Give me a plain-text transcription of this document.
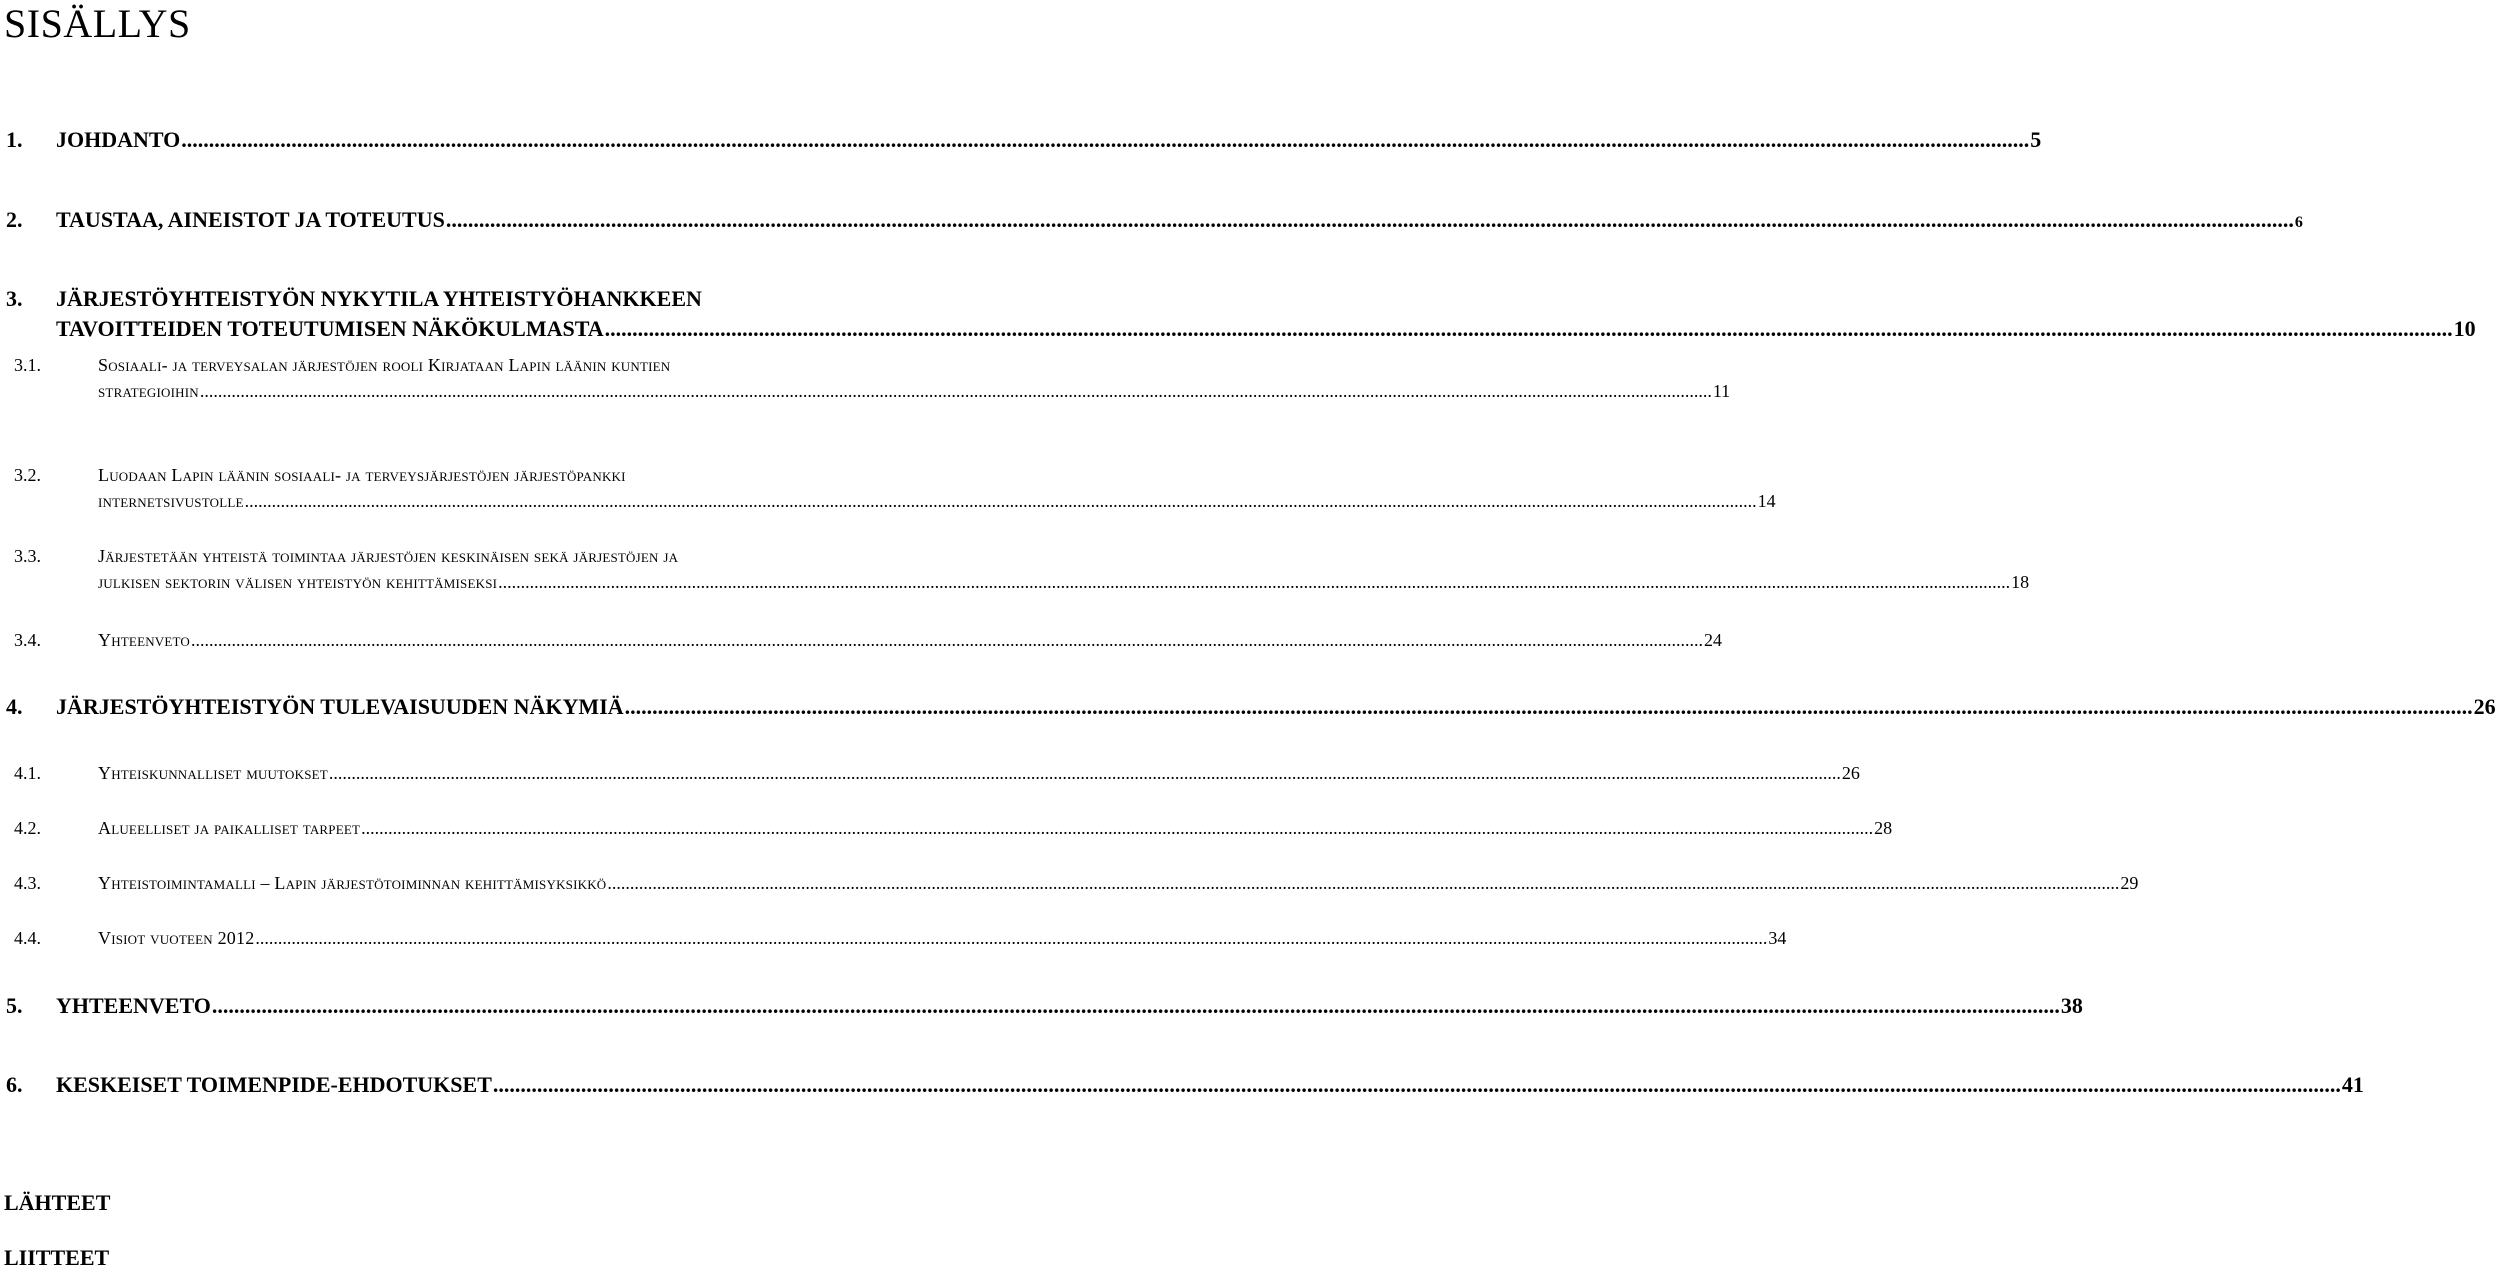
SISÄLLYS
1.	JOHDANTO .....	5
2.	TAUSTAA, AINEISTOT JA TOTEUTUS .....	6
3.	JÄRJESTÖYHTEISTYÖN NYKYTILA YHTEISTYÖHANKKEEN
TAVOITTEIDEN TOTEUTUMISEN NÄKÖKULMASTA .....	10
3.1.	Sosiaali- ja terveysalan järjestöjen rooli Kirjataan Lapin läänin kuntien
strategioihin .....	11
3.2.	Luodaan Lapin läänin sosiaali- ja terveysjärjestöjen järjestöpankki
internetsivustolle .....	14
3.3.	Järjestetään yhteistä toimintaa järjestöjen keskinäisen sekä järjestöjen ja
julkisen sektorin välisen yhteistyön kehittämiseksi .....	18
3.4.	Yhteenveto .....	24
4.	JÄRJESTÖYHTEISTYÖN TULEVAISUUDEN NÄKYMIÄ .....	26
4.1.	Yhteiskunnalliset muutokset .....	26
4.2.	Alueelliset ja paikalliset tarpeet .....	28
4.3.	Yhteistoimintamalli – Lapin järjestötoiminnan kehittämisyksikkö .....	29
4.4.	Visiot vuoteen 2012 .....	34
5.	YHTEENVETO .....	38
6.	KESKEISET TOIMENPIDE-EHDOTUKSET .....	41
LÄHTEET
LIITTEET
